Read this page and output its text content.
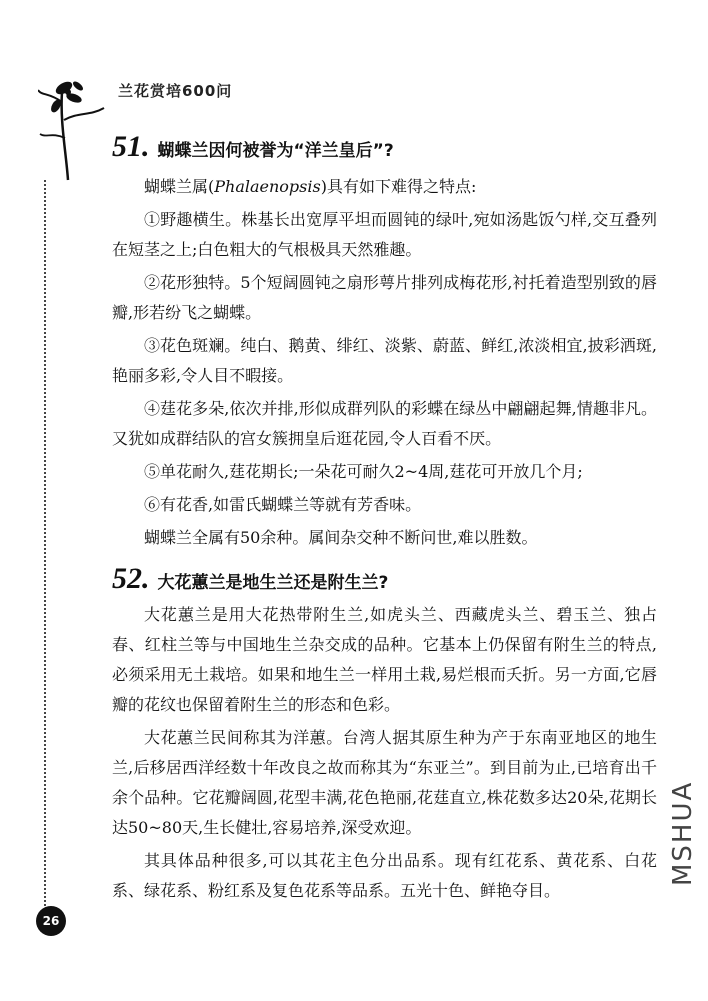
兰花赏培600问
51. 蝴蝶兰因何被誉为“洋兰皇后”?

蝴蝶兰属(Phalaenopsis)具有如下难得之特点:

①野趣横生。株基长出宽厚平坦而圆钝的绿叶,宛如汤匙饭勺样,交互叠列在短茎之上;白色粗大的气根极具天然雅趣。

②花形独特。5个短阔圆钝之扇形萼片排列成梅花形,衬托着造型别致的唇瓣,形若纷飞之蝴蝶。

③花色斑斓。纯白、鹅黄、绯红、淡紫、蔚蓝、鲜红,浓淡相宜,披彩洒斑,艳丽多彩,令人目不暇接。

④莛花多朵,依次并排,形似成群列队的彩蝶在绿丛中翩翩起舞,情趣非凡。又犹如成群结队的宫女簇拥皇后逛花园,令人百看不厌。

⑤单花耐久,莛花期长;一朵花可耐久2~4周,莛花可开放几个月;

⑥有花香,如雷氏蝴蝶兰等就有芳香味。

蝴蝶兰全属有50余种。属间杂交种不断问世,难以胜数。

52. 大花蕙兰是地生兰还是附生兰?

大花蕙兰是用大花热带附生兰,如虎头兰、西藏虎头兰、碧玉兰、独占春、红柱兰等与中国地生兰杂交成的品种。它基本上仍保留有附生兰的特点,必须采用无土栽培。如果和地生兰一样用土栽,易烂根而夭折。另一方面,它唇瓣的花纹也保留着附生兰的形态和色彩。

大花蕙兰民间称其为洋蕙。台湾人据其原生种为产于东南亚地区的地生兰,后移居西洋经数十年改良之故而称其为“东亚兰”。到目前为止,已培育出千余个品种。它花瓣阔圆,花型丰满,花色艳丽,花莛直立,株花数多达20朵,花期长达50~80天,生长健壮,容易培养,深受欢迎。

其具体品种很多,可以其花主色分出品系。现有红花系、黄花系、白花系、绿花系、粉红系及复色花系等品系。五光十色、鲜艳夺目。

26
MSHUA
